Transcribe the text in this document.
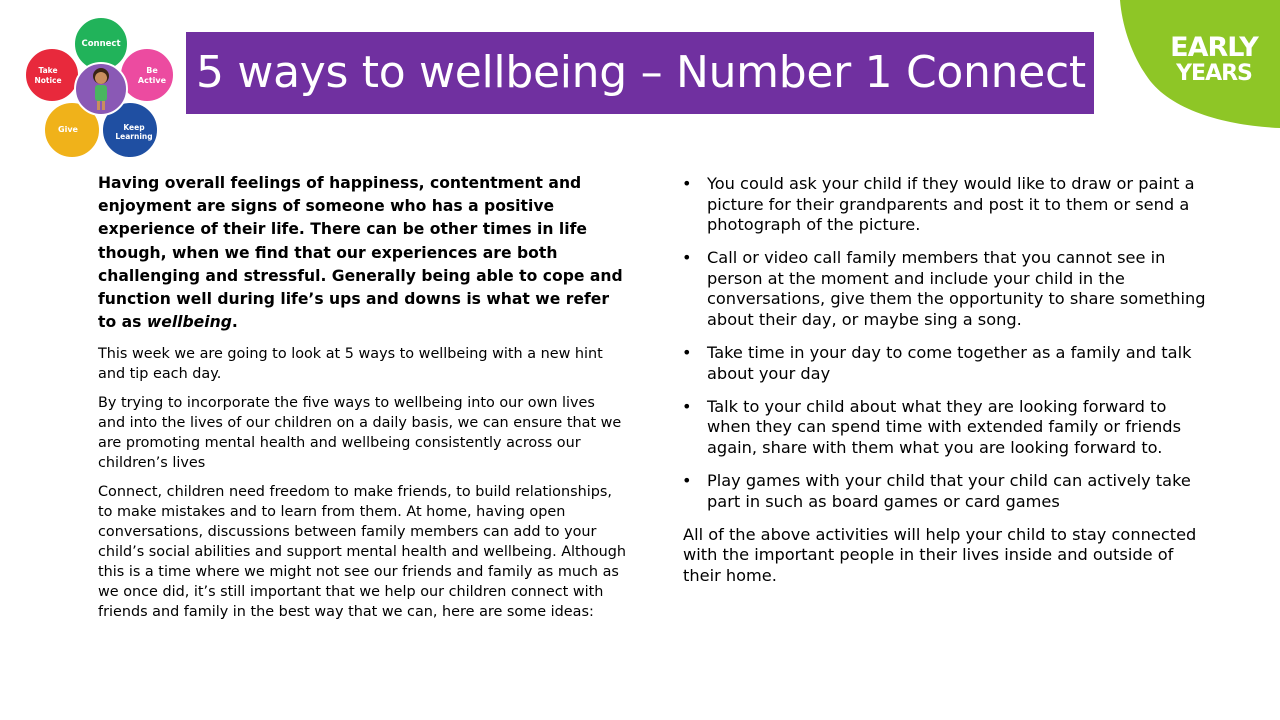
Connect
Be
Active
Keep
Learning
Give
Take
Notice	5 ways to wellbeing – Number 1 Connect	EARLY
YEARS

Having overall feelings of happiness, contentment and enjoyment are signs of someone who has a positive experience of their life. There can be other times in life though, when we find that our experiences are both challenging and stressful. Generally being able to cope and function well during life’s ups and downs is what we refer to as wellbeing.

This week we are going to look at 5 ways to wellbeing with a new hint and tip each day.

By trying to incorporate the five ways to wellbeing into our own lives and into the lives of our children on a daily basis, we can ensure that we are promoting mental health and wellbeing consistently across our children’s lives

Connect, children need freedom to make friends, to build relationships, to make mistakes and to learn from them. At home, having open conversations, discussions between family members can add to your child’s social abilities and support mental health and wellbeing. Although this is a time where we might not see our friends and family as much as we once did, it’s still important that we help our children connect with friends and family in the best way that we can, here are some ideas:

• You could ask your child if they would like to draw or paint a picture for their grandparents and post it to them or send a photograph of the picture.
• Call or video call family members that you cannot see in person at the moment and include your child in the conversations, give them the opportunity to share something about their day, or maybe sing a song.
• Take time in your day to come together as a family and talk about your day
• Talk to your child about what they are looking forward to when they can spend time with extended family or friends again, share with them what you are looking forward to.
• Play games with your child that your child can actively take part in such as board games or card games

All of the above activities will help your child to stay connected with the important people in their lives inside and outside of their home.
